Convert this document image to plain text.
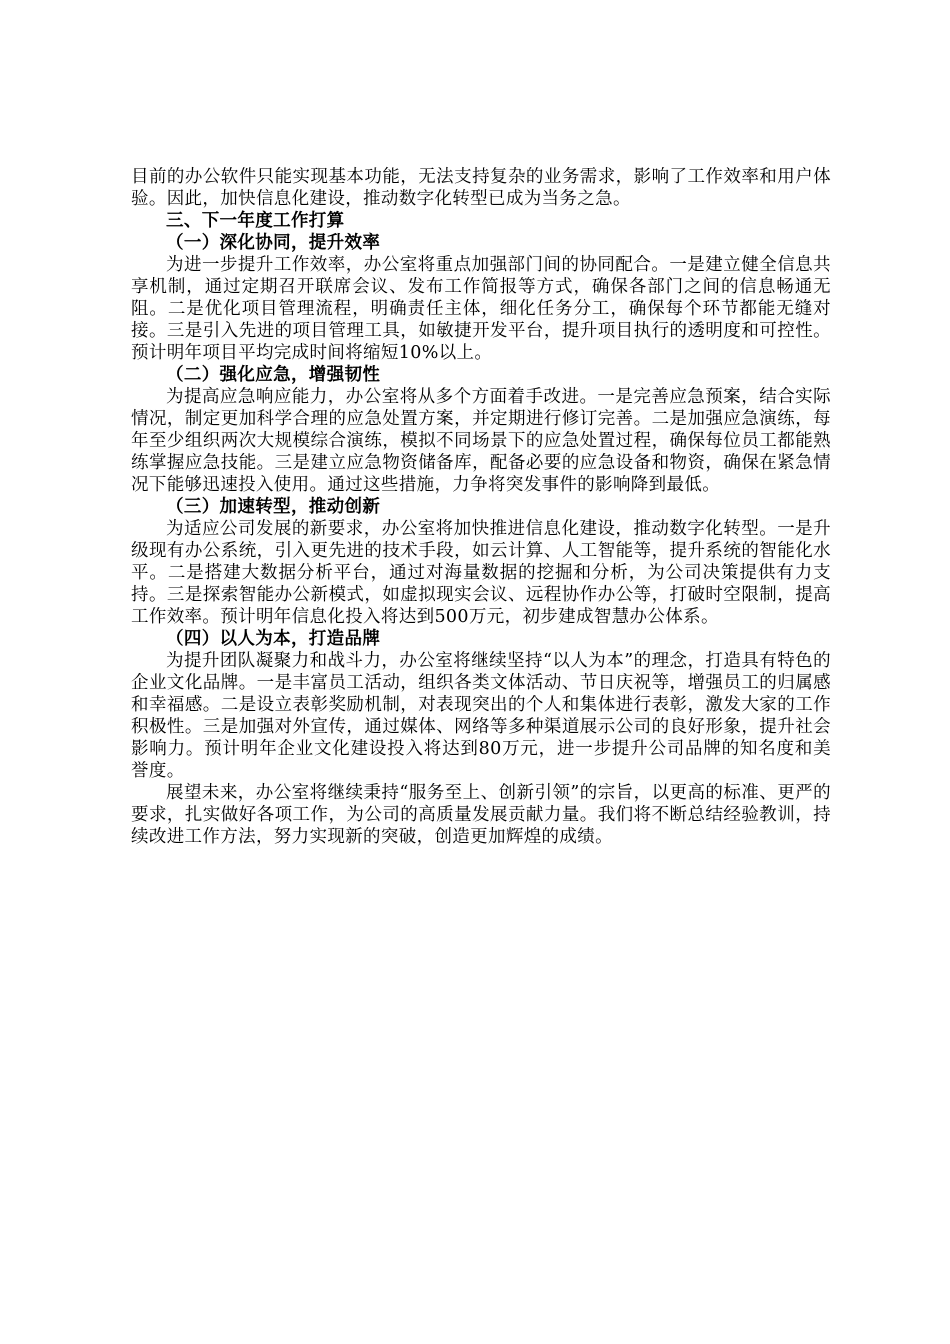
目前的办公软件只能实现基本功能，无法支持复杂的业务需求，影响了工作效率和用户体验。因此，加快信息化建设，推动数字化转型已成为当务之急。

三、下一年度工作打算
（一）深化协同，提升效率

为进一步提升工作效率，办公室将重点加强部门间的协同配合。一是建立健全信息共享机制，通过定期召开联席会议、发布工作简报等方式，确保各部门之间的信息畅通无阻。二是优化项目管理流程，明确责任主体，细化任务分工，确保每个环节都能无缝对接。三是引入先进的项目管理工具，如敏捷开发平台，提升项目执行的透明度和可控性。预计明年项目平均完成时间将缩短10%以上。

（二）强化应急，增强韧性

为提高应急响应能力，办公室将从多个方面着手改进。一是完善应急预案，结合实际情况，制定更加科学合理的应急处置方案，并定期进行修订完善。二是加强应急演练，每年至少组织两次大规模综合演练，模拟不同场景下的应急处置过程，确保每位员工都能熟练掌握应急技能。三是建立应急物资储备库，配备必要的应急设备和物资，确保在紧急情况下能够迅速投入使用。通过这些措施，力争将突发事件的影响降到最低。

（三）加速转型，推动创新

为适应公司发展的新要求，办公室将加快推进信息化建设，推动数字化转型。一是升级现有办公系统，引入更先进的技术手段，如云计算、人工智能等，提升系统的智能化水平。二是搭建大数据分析平台，通过对海量数据的挖掘和分析，为公司决策提供有力支持。三是探索智能办公新模式，如虚拟现实会议、远程协作办公等，打破时空限制，提高工作效率。预计明年信息化投入将达到500万元，初步建成智慧办公体系。

（四）以人为本，打造品牌

为提升团队凝聚力和战斗力，办公室将继续坚持“以人为本”的理念，打造具有特色的企业文化品牌。一是丰富员工活动，组织各类文体活动、节日庆祝等，增强员工的归属感和幸福感。二是设立表彰奖励机制，对表现突出的个人和集体进行表彰，激发大家的工作积极性。三是加强对外宣传，通过媒体、网络等多种渠道展示公司的良好形象，提升社会影响力。预计明年企业文化建设投入将达到80万元，进一步提升公司品牌的知名度和美誉度。

展望未来，办公室将继续秉持“服务至上、创新引领”的宗旨，以更高的标准、更严的要求，扎实做好各项工作，为公司的高质量发展贡献力量。我们将不断总结经验教训，持续改进工作方法，努力实现新的突破，创造更加辉煌的成绩。
